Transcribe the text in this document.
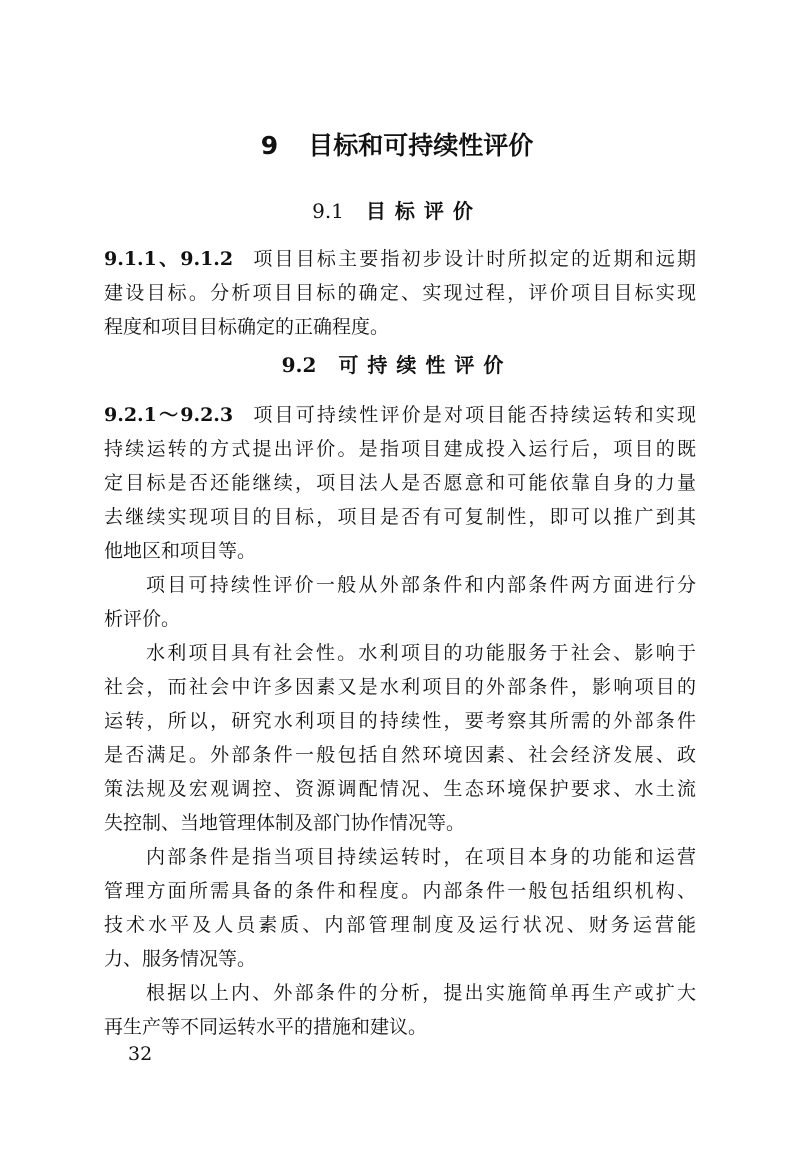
9 目标和可持续性评价
9.1 目标评价
9.1.1、9.1.2 项目目标主要指初步设计时所拟定的近期和远期
建设目标。分析项目目标的确定、实现过程，评价项目目标实现
程度和项目目标确定的正确程度。
9.2 可持续性评价
9.2.1～9.2.3 项目可持续性评价是对项目能否持续运转和实现
持续运转的方式提出评价。是指项目建成投入运行后，项目的既
定目标是否还能继续，项目法人是否愿意和可能依靠自身的力量
去继续实现项目的目标，项目是否有可复制性，即可以推广到其
他地区和项目等。
项目可持续性评价一般从外部条件和内部条件两方面进行分
析评价。
水利项目具有社会性。水利项目的功能服务于社会、影响于
社会，而社会中许多因素又是水利项目的外部条件，影响项目的
运转，所以，研究水利项目的持续性，要考察其所需的外部条件
是否满足。外部条件一般包括自然环境因素、社会经济发展、政
策法规及宏观调控、资源调配情况、生态环境保护要求、水土流
失控制、当地管理体制及部门协作情况等。
内部条件是指当项目持续运转时，在项目本身的功能和运营
管理方面所需具备的条件和程度。内部条件一般包括组织机构、
技术水平及人员素质、内部管理制度及运行状况、财务运营能
力、服务情况等。
根据以上内、外部条件的分析，提出实施简单再生产或扩大
再生产等不同运转水平的措施和建议。
32
